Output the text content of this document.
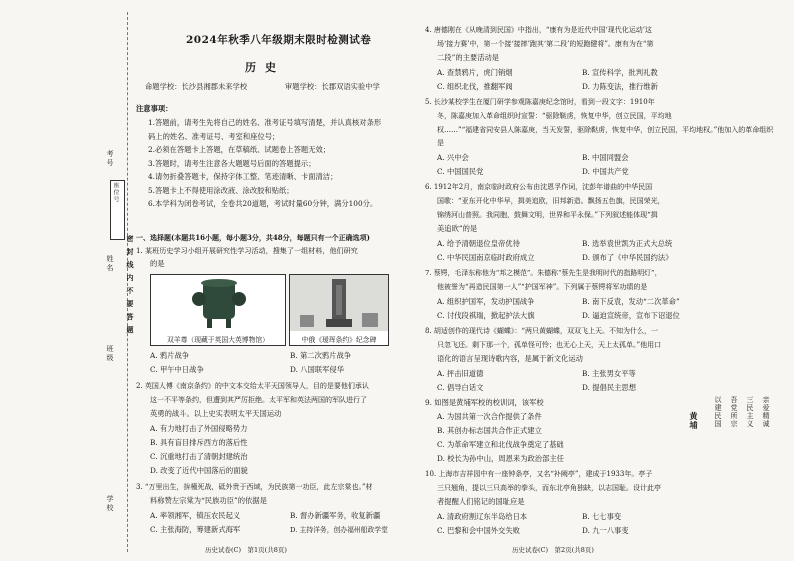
考号
姓名
班级
学校
密封线内不要答题
座位号
2024年秋季八年级期末限时检测试卷
历史
命题学校：长沙县湘郡未来学校	审题学校：长郡双语实验中学
注意事项：
1.答题前，请考生先将自己的姓名、准考证号填写清楚，并认真核对条形码上的姓名、准考证号、考室和座位号；
2.必须在答题卡上答题，在草稿纸、试题卷上答题无效；
3.答题时，请考生注意各大题题号后面的答题提示；
4.请勿折叠答题卡，保持字体工整、笔迹清晰、卡面清洁；
5.答题卡上不得使用涂改液、涂改胶和贴纸；
6.本学科为闭卷考试，全卷共20道题，考试时量60分钟，满分100分。
一、选择题(本题共16小题，每小题3分，共48分，每题只有一个正确选项)
1. 某班历史学习小组开展研究性学习活动，搜集了一组材料，他们研究
的是
双羊尊（现藏于英国大英博物馆）	中俄《瑷珲条约》纪念碑
A. 鸦片战争	B. 第二次鸦片战争
C. 甲午中日战争	D. 八国联军侵华
2. 英国人傅《南京条约》的中文本交给太平天国领导人，目的是要他们承认
这一不平等条约，但遭到其严厉拒绝。太平军和英法两国的军队进行了
英勇的战斗。以上史实表明太平天国运动
A. 有力地打击了外国侵略势力
B. 具有盲目排斥西方的落后性
C. 沉重地打击了清朝封建统治
D. 改变了近代中国落后的面貌
3. “万里出生，拚橦死战，砥外贵于西域，为民族第一功臣，此左宗棠也。”材
料称赞左宗棠为“民族功臣”的依据是
A. 率领湘军，镇压农民起义	B. 督办新疆军务，收复新疆
C. 主张海防，筹建新式海军	D. 主持洋务，创办福州船政学堂
历史试卷(C)　第1页(共8页)
4. 唐德刚在《从晚清到民国》中指出，“康有为是近代中国‘现代化运动’这
场‘接力赛’中，第一个接‘接摔’跑其‘第二段’的短跑健将”。康有为在“第
二段”的主要活动是
A. 查禁鸦片，虎门销烟	B. 宣传科学，批判礼教
C. 组织北伐，推翻军阀	D. 力陈变法，推行维新
5. 长沙某校学生在厦门研学参观陈嘉庚纪念馆时，看到一段文字：1910年
冬，陈嘉庚加入革命组织时宣誓：“驱除鞑虏，恢复中华，创立民国，平均地
权……”“福建省同安县人陈嘉庚，当天发誓，驱除鞑虏，恢复中华，创立民国，平均地权。”他加入的革命组织是
A. 兴中会	B. 中国同盟会
C. 中国国民党	D. 中国共产党
6. 1912年2月，南京临时政府公布由沈恩孚作词，沈彭年谱曲的中华民国
国歌：“亚东开化中华早，揖美追欧，旧邦新造。飘扬五色旗，民国荣光，
锦绣河山普照。我同胞，鼓舞文明，世界和平永保。”下列叙述能体现“揖
美追欧”的是
A. 给予清朝退位皇帝优待	B. 选举袁世凯为正式大总统
C. 中华民国南京临时政府成立	D. 颁布了《中华民国约法》
7. 蔡锷，毛泽东称他为“邦之模范”。朱德称“蔡先生是我明时代的指路明灯”，
他被誉为“再造民国第一人”“护国军神”。下列属于蔡锷将军功绩的是
A. 组织护国军，发动护国战争	B. 南下反袁，发动“二次革命”
C. 讨伐段祺瑞，掀起护法大旗	D. 逼迫宣统帝，宣布下诏退位
8. 胡适创作的现代诗《蝴蝶》：“两只黄蝴蝶，双双飞上天。不知为什么，一
只忽飞还。剩下那一个，孤单怪可怜；也无心上天，天上太孤单。”他用口
语化的语言呈现诗歌内容，是属于新文化运动
A. 抨击旧道德	B. 主张男女平等
C. 倡导白话文	D. 提倡民主思想
9. 如图是黄埔军校的校训词，该军校
A. 为国共第一次合作提供了条件
B. 其创办标志国共合作正式建立
C. 为革命军建立和北伐战争奠定了基础
D. 校长为孙中山，周恩来为政治部主任
亲爱精诚
三民主义
吾党所宗
以建民国
黄埔
10. 上海市吉祥园中有一座钟条亭，又名“补阙亭”，建成于1933年。亭子
三只翘角，提以三只高举的拳头，而东北亭角独缺，以志国耻。设计此亭
者提醒人们铭记的国耻应是
A. 清政府割辽东半岛给日本	B. 七七事变
C. 巴黎和会中国外交失败	D. 九一八事变
历史试卷(C)　第2页(共8页)
